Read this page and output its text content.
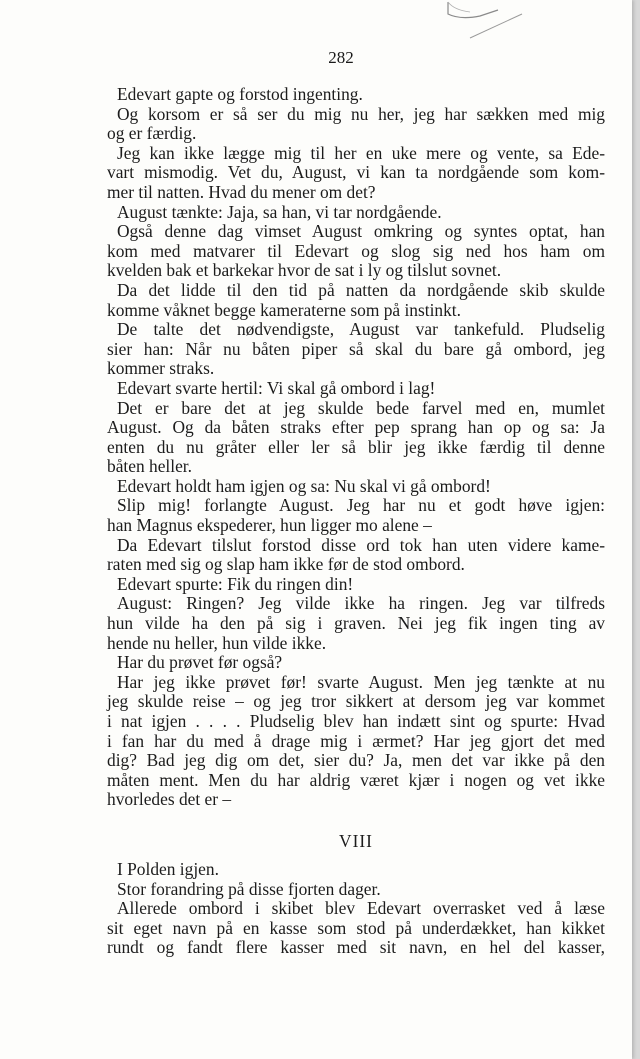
282
Edevart gapte og forstod ingenting.
Og korsom er så ser du mig nu her, jeg har sækken med mig
og er færdig.
Jeg kan ikke lægge mig til her en uke mere og vente, sa Ede-
vart mismodig. Vet du, August, vi kan ta nordgående som kom-
mer til natten. Hvad du mener om det?
August tænkte: Jaja, sa han, vi tar nordgående.
Også denne dag vimset August omkring og syntes optat, han
kom med matvarer til Edevart og slog sig ned hos ham om
kvelden bak et barkekar hvor de sat i ly og tilslut sovnet.
Da det lidde til den tid på natten da nordgående skib skulde
komme våknet begge kameraterne som på instinkt.
De talte det nødvendigste, August var tankefuld. Pludselig
sier han: Når nu båten piper så skal du bare gå ombord, jeg
kommer straks.
Edevart svarte hertil: Vi skal gå ombord i lag!
Det er bare det at jeg skulde bede farvel med en, mumlet
August. Og da båten straks efter pep sprang han op og sa: Ja
enten du nu gråter eller ler så blir jeg ikke færdig til denne
båten heller.
Edevart holdt ham igjen og sa: Nu skal vi gå ombord!
Slip mig! forlangte August. Jeg har nu et godt høve igjen:
han Magnus ekspederer, hun ligger mo alene –
Da Edevart tilslut forstod disse ord tok han uten videre kame-
raten med sig og slap ham ikke før de stod ombord.
Edevart spurte: Fik du ringen din!
August: Ringen? Jeg vilde ikke ha ringen. Jeg var tilfreds
hun vilde ha den på sig i graven. Nei jeg fik ingen ting av
hende nu heller, hun vilde ikke.
Har du prøvet før også?
Har jeg ikke prøvet før! svarte August. Men jeg tænkte at nu
jeg skulde reise – og jeg tror sikkert at dersom jeg var kommet
i nat igjen . . . . Pludselig blev han indætt sint og spurte: Hvad
i fan har du med å drage mig i ærmet? Har jeg gjort det med
dig? Bad jeg dig om det, sier du? Ja, men det var ikke på den
måten ment. Men du har aldrig været kjær i nogen og vet ikke
hvorledes det er –
VIII
I Polden igjen.
Stor forandring på disse fjorten dager.
Allerede ombord i skibet blev Edevart overrasket ved å læse
sit eget navn på en kasse som stod på underdækket, han kikket
rundt og fandt flere kasser med sit navn, en hel del kasser,
